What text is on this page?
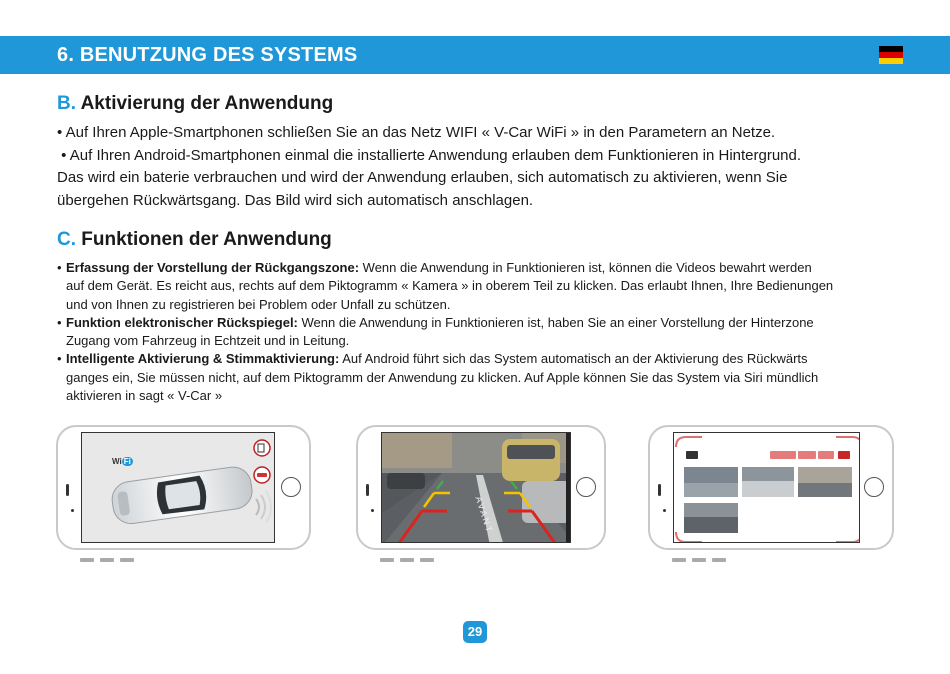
6. BENUTZUNG DES SYSTEMS
B. Aktivierung der Anwendung
• Auf Ihren Apple-Smartphonen schließen Sie an das Netz WIFI « V-Car WiFi » in den Parametern an Netze.
• Auf Ihren Android-Smartphonen einmal die installierte Anwendung erlauben dem Funktionieren in Hintergrund.
Das wird ein baterie verbrauchen und wird der Anwendung erlauben, sich automatisch zu aktivieren, wenn Sie
übergehen Rückwärtsgang. Das Bild wird sich automatisch anschlagen.
C. Funktionen der Anwendung
• Erfassung der Vorstellung der Rückgangszone: Wenn die Anwendung in Funktionieren ist, können die Videos bewahrt werden
auf dem Gerät. Es reicht aus, rechts auf dem Piktogramm « Kamera » in oberem Teil zu klicken. Das erlaubt Ihnen, Ihre Bedienungen
und von Ihnen zu registrieren bei Problem oder Unfall zu schützen.
• Funktion elektronischer Rückspiegel: Wenn die Anwendung in Funktionieren ist, haben Sie an einer Vorstellung der Hinterzone
Zugang vom Fahrzeug in Echtzeit und in Leitung.
• Intelligente Aktivierung & Stimmaktivierung: Auf Android führt sich das System automatisch an der Aktivierung des Rückwärts
ganges ein, Sie müssen nicht, auf dem Piktogramm der Anwendung zu klicken. Auf Apple können Sie das System via Siri mündlich
aktivieren in sagt « V-Car »
Wi Fi
AVANT
29
